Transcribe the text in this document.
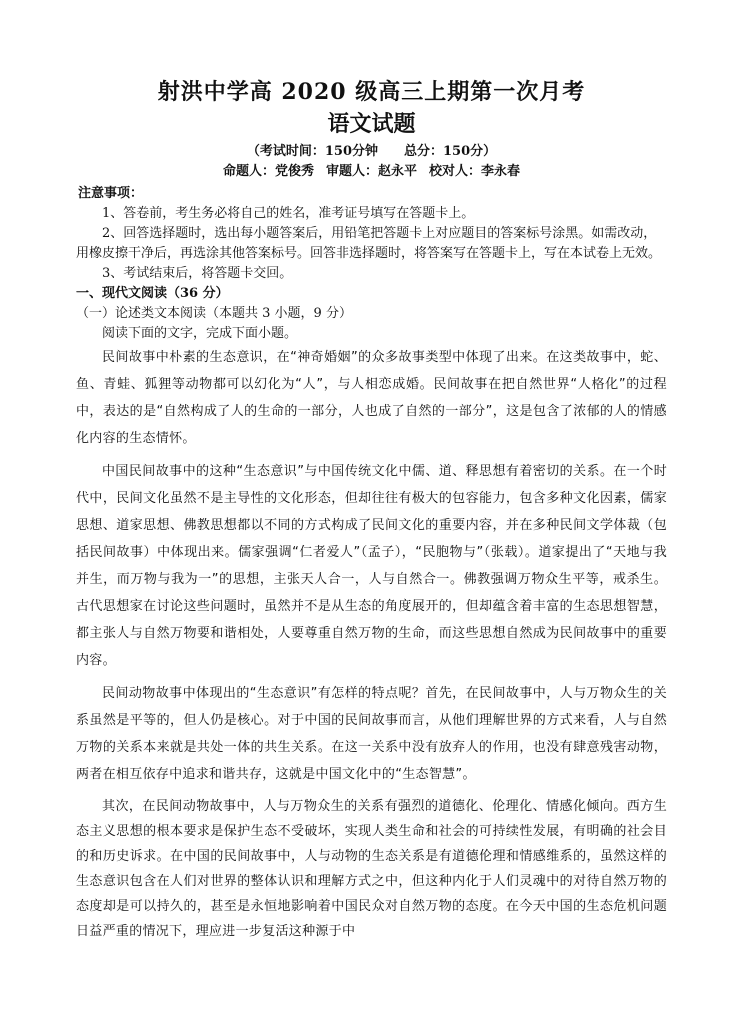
射洪中学高 2020 级高三上期第一次月考
语文试题

（考试时间：150分钟 总分：150分）

命题人：党俊秀 审题人：赵永平 校对人：李永春

注意事项：

1、答卷前，考生务必将自己的姓名，准考证号填写在答题卡上。

2、回答选择题时，选出每小题答案后，用铅笔把答题卡上对应题目的答案标号涂黑。如需改动，用橡皮擦干净后，再选涂其他答案标号。回答非选择题时，将答案写在答题卡上，写在本试卷上无效。

3、考试结束后，将答题卡交回。

一、现代文阅读（36 分）

（一）论述类文本阅读（本题共 3 小题，9 分）

阅读下面的文字，完成下面小题。

民间故事中朴素的生态意识，在“神奇婚姻”的众多故事类型中体现了出来。在这类故事中，蛇、鱼、青蛙、狐狸等动物都可以幻化为“人”，与人相恋成婚。民间故事在把自然世界“人格化”的过程中，表达的是“自然构成了人的生命的一部分，人也成了自然的一部分”，这是包含了浓郁的人的情感化内容的生态情怀。

中国民间故事中的这种“生态意识”与中国传统文化中儒、道、释思想有着密切的关系。在一个时代中，民间文化虽然不是主导性的文化形态，但却往往有极大的包容能力，包含多种文化因素，儒家思想、道家思想、佛教思想都以不同的方式构成了民间文化的重要内容，并在多种民间文学体裁（包括民间故事）中体现出来。儒家强调“仁者爱人”（孟子），“民胞物与”（张载）。道家提出了“天地与我并生，而万物与我为一”的思想，主张天人合一，人与自然合一。佛教强调万物众生平等，戒杀生。古代思想家在讨论这些问题时，虽然并不是从生态的角度展开的，但却蕴含着丰富的生态思想智慧，都主张人与自然万物要和谐相处，人要尊重自然万物的生命，而这些思想自然成为民间故事中的重要内容。

民间动物故事中体现出的“生态意识”有怎样的特点呢？首先，在民间故事中，人与万物众生的关系虽然是平等的，但人仍是核心。对于中国的民间故事而言，从他们理解世界的方式来看，人与自然万物的关系本来就是共处一体的共生关系。在这一关系中没有放弃人的作用，也没有肆意残害动物，两者在相互依存中追求和谐共存，这就是中国文化中的“生态智慧”。

其次，在民间动物故事中，人与万物众生的关系有强烈的道德化、伦理化、情感化倾向。西方生态主义思想的根本要求是保护生态不受破坏，实现人类生命和社会的可持续性发展，有明确的社会目的和历史诉求。在中国的民间故事中，人与动物的生态关系是有道德伦理和情感维系的，虽然这样的生态意识包含在人们对世界的整体认识和理解方式之中，但这种内化于人们灵魂中的对待自然万物的态度却是可以持久的，甚至是永恒地影响着中国民众对自然万物的态度。在今天中国的生态危机问题日益严重的情况下，理应进一步复活这种源于中
